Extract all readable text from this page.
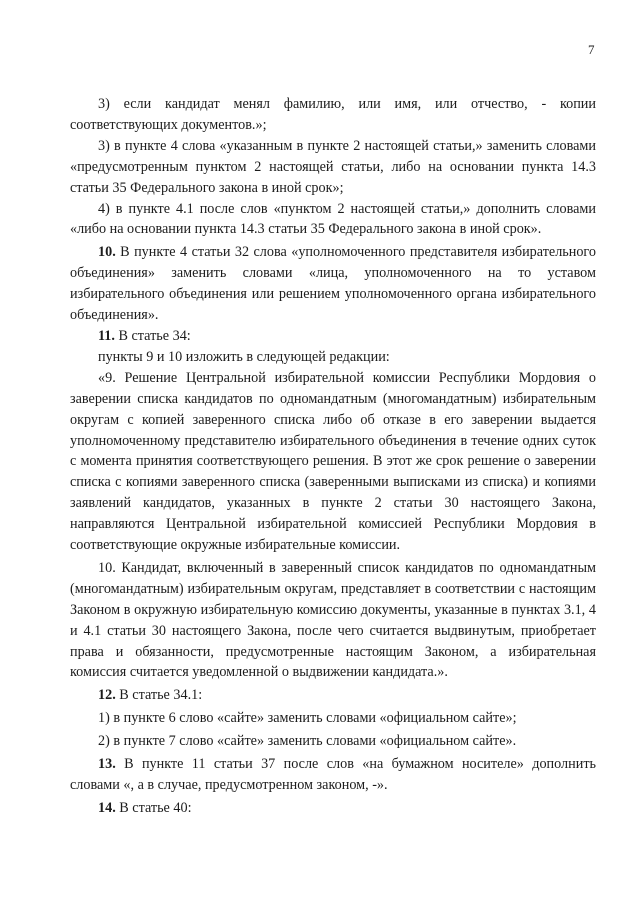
7

3) если кандидат менял фамилию, или имя, или отчество, - копии соответствующих документов.»;

3) в пункте 4 слова «указанным в пункте 2 настоящей статьи,» заменить словами «предусмотренным пунктом 2 настоящей статьи, либо на основании пункта 14.3 статьи 35 Федерального закона в иной срок»;

4) в пункте 4.1 после слов «пунктом 2 настоящей статьи,» дополнить словами «либо на основании пункта 14.3 статьи 35 Федерального закона в иной срок».

10. В пункте 4 статьи 32 слова «уполномоченного представителя избирательного объединения» заменить словами «лица, уполномоченного на то уставом избирательного объединения или решением уполномоченного органа избирательного объединения».

11. В статье 34:

пункты 9 и 10 изложить в следующей редакции:

«9. Решение Центральной избирательной комиссии Республики Мордовия о заверении списка кандидатов по одномандатным (многомандатным) избирательным округам с копией заверенного списка либо об отказе в его заверении выдается уполномоченному представителю избирательного объединения в течение одних суток с момента принятия соответствующего решения. В этот же срок решение о заверении списка с копиями заверенного списка (заверенными выписками из списка) и копиями заявлений кандидатов, указанных в пункте 2 статьи 30 настоящего Закона, направляются Центральной избирательной комиссией Республики Мордовия в соответствующие окружные избирательные комиссии.

10. Кандидат, включенный в заверенный список кандидатов по одномандатным (многомандатным) избирательным округам, представляет в соответствии с настоящим Законом в окружную избирательную комиссию документы, указанные в пунктах 3.1, 4 и 4.1 статьи 30 настоящего Закона, после чего считается выдвинутым, приобретает права и обязанности, предусмотренные настоящим Законом, а избирательная комиссия считается уведомленной о выдвижении кандидата.».

12. В статье 34.1:

1) в пункте 6 слово «сайте» заменить словами «официальном сайте»;

2) в пункте 7 слово «сайте» заменить словами «официальном сайте».

13. В пункте 11 статьи 37 после слов «на бумажном носителе» дополнить словами «, а в случае, предусмотренном законом, -».

14. В статье 40:
